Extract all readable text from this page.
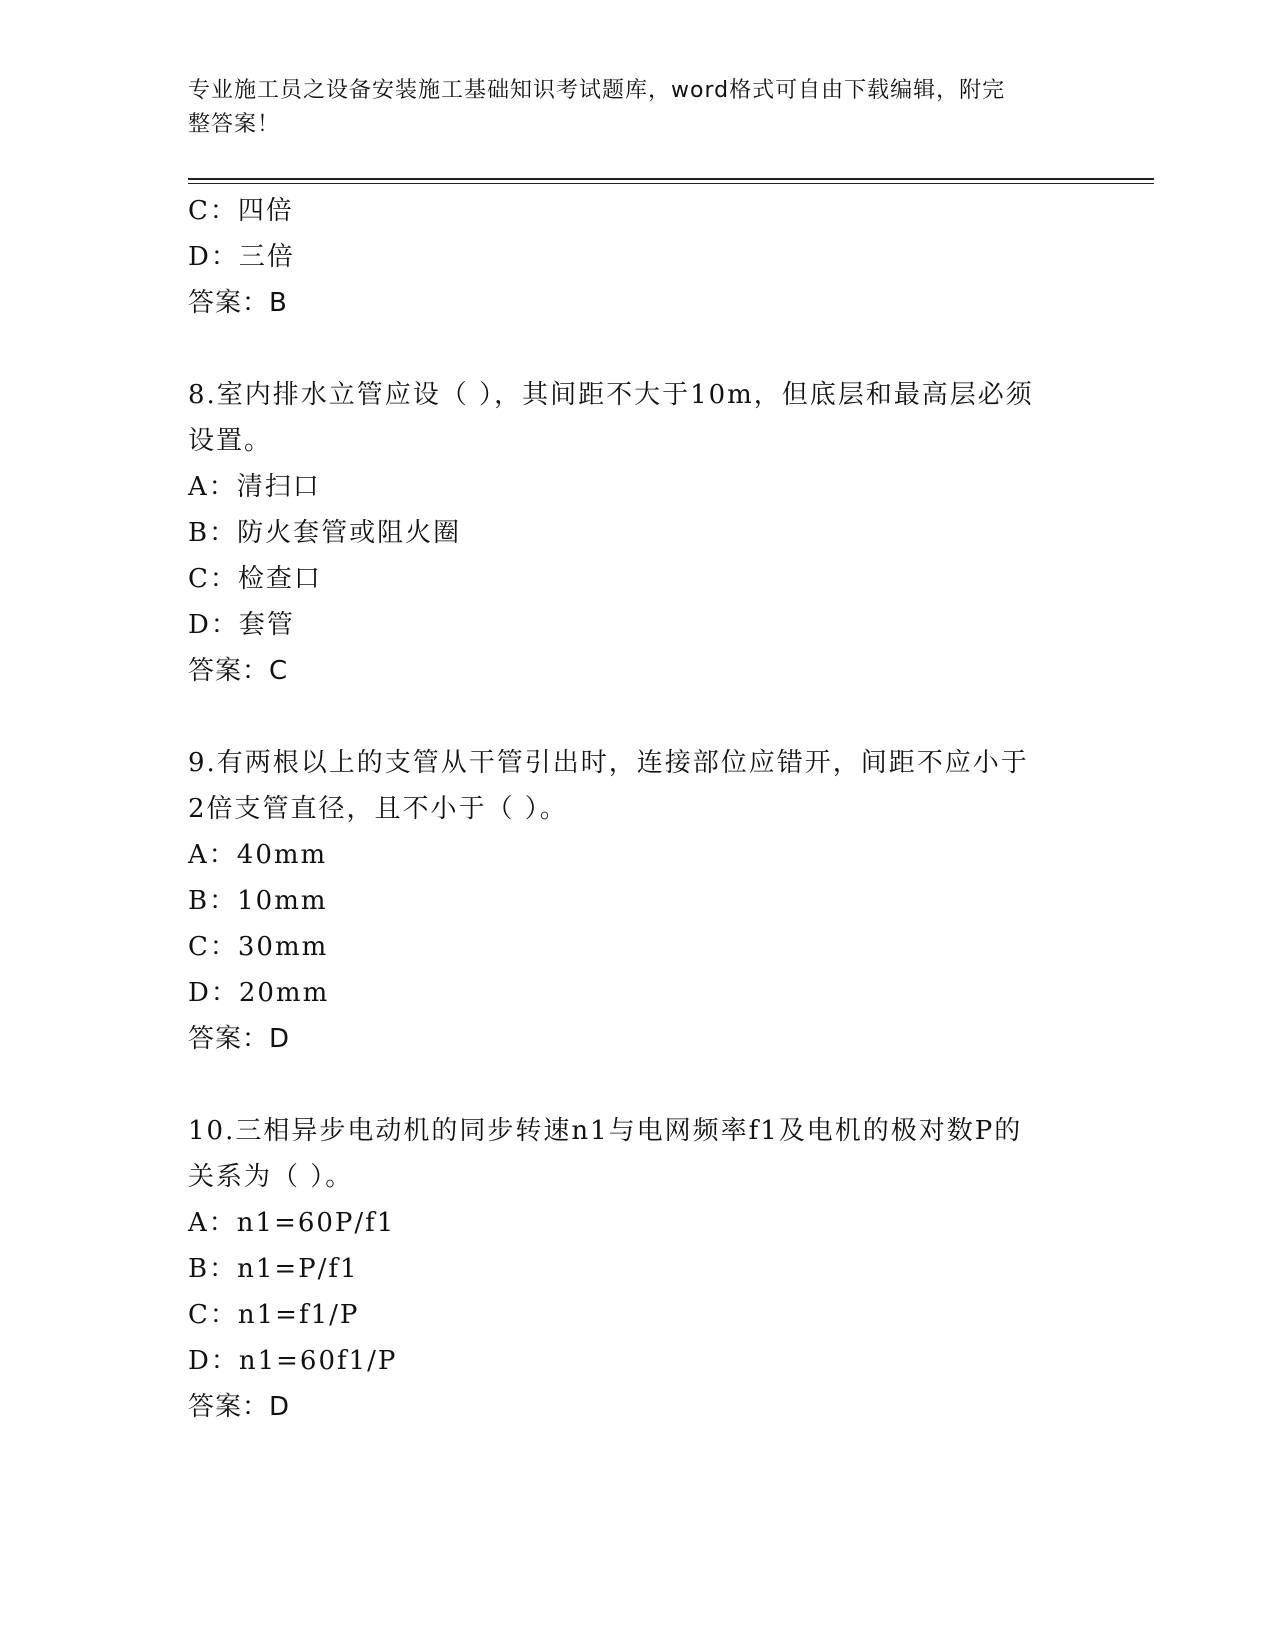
专业施工员之设备安装施工基础知识考试题库，word格式可自由下载编辑，附完
整答案！
C：四倍
D：三倍
答案：B
8.室内排水立管应设（ ），其间距不大于10m，但底层和最高层必须
设置。
A：清扫口
B：防火套管或阻火圈
C：检查口
D：套管
答案：C
9.有两根以上的支管从干管引出时，连接部位应错开，间距不应小于
2倍支管直径，且不小于（ ）。
A：40mm
B：10mm
C：30mm
D：20mm
答案：D
10.三相异步电动机的同步转速n1与电网频率f1及电机的极对数P的
关系为（ ）。
A：n1=60P/f1
B：n1=P/f1
C：n1=f1/P
D：n1=60f1/P
答案：D
